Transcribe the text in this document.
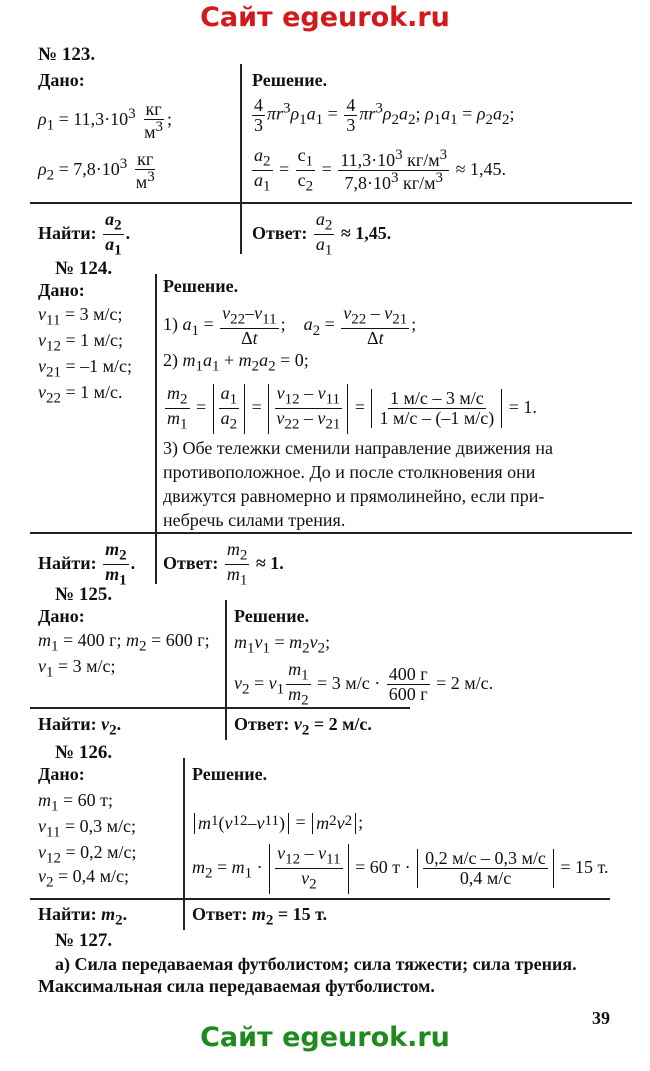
Сайт egeurok.ru
№ 123.
Дано:
$\rho_1 = 11,3\cdot 10^3 \frac{кг}{м^3}$ ;
$\rho_2 = 7,8\cdot 10^3 \frac{кг}{м^3}$
Найти: $\frac{a_2}{a_1}$ .
Решение.
$\frac{4}{3} \pi r^3\rho_1a_1 = \frac{4}{3} \pi r^3\rho_2a_2$; $\rho_1a_1 = \rho_2a_2$;
$\frac{a_2}{a_1} = \frac{c_1}{c_2} = \frac{11,3\cdot 10^3 кг/м^3}{7,8\cdot 10^3 кг/м^3} \approx 1,45$.
Ответ: $\frac{a_2}{a_1} \approx 1,45$.
№ 124.
Дано:
$v_{11} = 3$ м/с;
$v_{12} = 1$ м/с;
$v_{21} = -1$ м/с;
$v_{22} = 1$ м/с.
Решение.
1) $a_1 = \frac{v_{22}-v_{11}}{\Delta t}$ ;    $a_2 = \frac{v_{22} - v_{21}}{\Delta t}$ ;
2) $m_1a_1 + m_2a_2 = 0$;
$\frac{m_2}{m_1} = \frac{a_1}{a_2} = \frac{v_{12} - v_{11}}{v_{22} - v_{21}} = \frac{1 м/с - 3 м/с}{1 м/с - (-1 м/с)} = 1$.
3) Обе тележки сменили направление движения на
противоположное. До и после столкновения они
движутся равномерно и прямолинейно, если при-
небречь силами трения.
Найти: $\frac{m_2}{m_1}$ . Ответ: $\frac{m_2}{m_1} \approx 1$.
№ 125.
Дано:
$m_1 = 400$ г; $m_2 = 600$ г;
$v_1 = 3$ м/с;
Решение.
$m_1v_1 = m_2v_2$;
$v_2 = v_1 \frac{m_1}{m_2} = 3$ $м/с \cdot \frac{400 г}{600 г} = 2$ м/с.
Найти: $v_2$.	Ответ: $v_2 = 2$ м/с.
№ 126.
Дано:
$m_1 = 60$ т;
$v_{11} = 0,3$ м/с;
$v_{12} = 0,2$ м/с;
$v_2 = 0,4$ м/с;
Решение.
m 1 ( v 12 – v 11 ) = m 2 v 2 ;
$m_2 = m_1 \cdot \frac{v_{12} - v_{11}}{v_2} = 60$ $т \cdot \frac{0,2 м/с - 0,3 м/с}{0,4 м/с} = 15$ т.
Найти: $m_2$.	Ответ: $m_2 = 15$ т.
№ 127.
а) Сила передаваемая футболистом; сила тяжести; сила трения.
Максимальная сила передаваемая футболистом.
39
Сайт egeurok.ru
